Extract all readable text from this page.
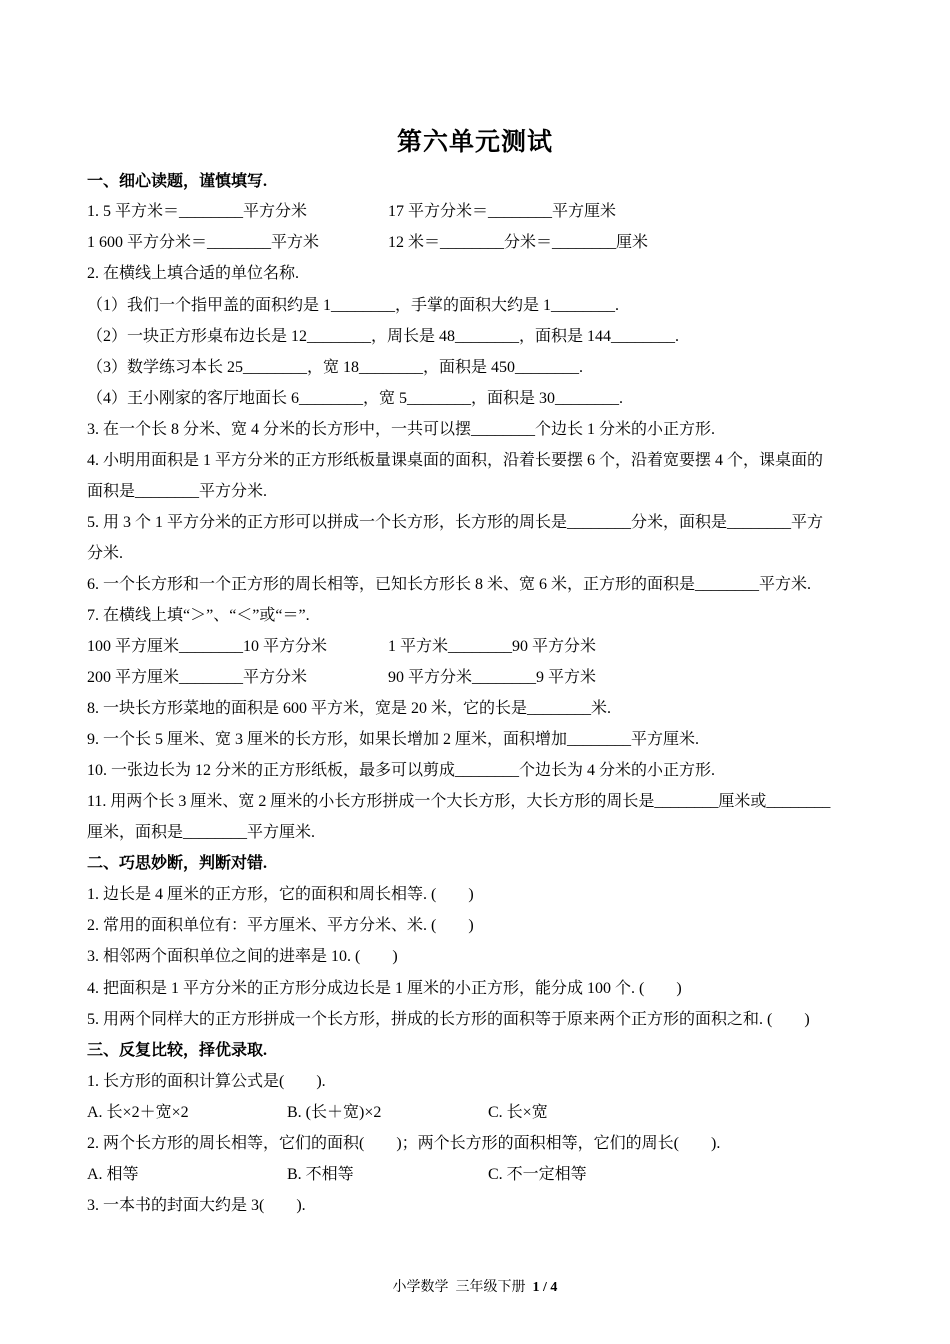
第六单元测试
一、细心读题，谨慎填写.
1. 5 平方米＝________平方分米	17 平方分米＝________平方厘米
1 600 平方分米＝________平方米	12 米＝________分米＝________厘米
2. 在横线上填合适的单位名称.
（1）我们一个指甲盖的面积约是 1________，手掌的面积大约是 1________.
（2）一块正方形桌布边长是 12________，周长是 48________，面积是 144________.
（3）数学练习本长 25________，宽 18________，面积是 450________.
（4）王小刚家的客厅地面长 6________，宽 5________，面积是 30________.
3. 在一个长 8 分米、宽 4 分米的长方形中，一共可以摆________个边长 1 分米的小正方形.
4. 小明用面积是 1 平方分米的正方形纸板量课桌面的面积，沿着长要摆 6 个，沿着宽要摆 4 个，课桌面的
面积是________平方分米.
5. 用 3 个 1 平方分米的正方形可以拼成一个长方形，长方形的周长是________分米，面积是________平方
分米.
6. 一个长方形和一个正方形的周长相等，已知长方形长 8 米、宽 6 米，正方形的面积是________平方米.
7. 在横线上填“＞”、“＜”或“＝”.
100 平方厘米________10 平方分米	1 平方米________90 平方分米
200 平方厘米________平方分米	90 平方分米________9 平方米
8. 一块长方形菜地的面积是 600 平方米，宽是 20 米，它的长是________米.
9. 一个长 5 厘米、宽 3 厘米的长方形，如果长增加 2 厘米，面积增加________平方厘米.
10. 一张边长为 12 分米的正方形纸板，最多可以剪成________个边长为 4 分米的小正方形.
11. 用两个长 3 厘米、宽 2 厘米的小长方形拼成一个大长方形，大长方形的周长是________厘米或________
厘米，面积是________平方厘米.
二、巧思妙断，判断对错.
1. 边长是 4 厘米的正方形，它的面积和周长相等. (　　)
2. 常用的面积单位有：平方厘米、平方分米、米. (　　)
3. 相邻两个面积单位之间的进率是 10. (　　)
4. 把面积是 1 平方分米的正方形分成边长是 1 厘米的小正方形，能分成 100 个. (　　)
5. 用两个同样大的正方形拼成一个长方形，拼成的长方形的面积等于原来两个正方形的面积之和. (　　)
三、反复比较，择优录取.
1. 长方形的面积计算公式是(　　).
A. 长×2＋宽×2	B. (长＋宽)×2	C. 长×宽
2. 两个长方形的周长相等，它们的面积(　　)；两个长方形的面积相等，它们的周长(　　).
A. 相等	B. 不相等	C. 不一定相等
3. 一本书的封面大约是 3(　　).
小学数学  三年级下册  1 / 4
